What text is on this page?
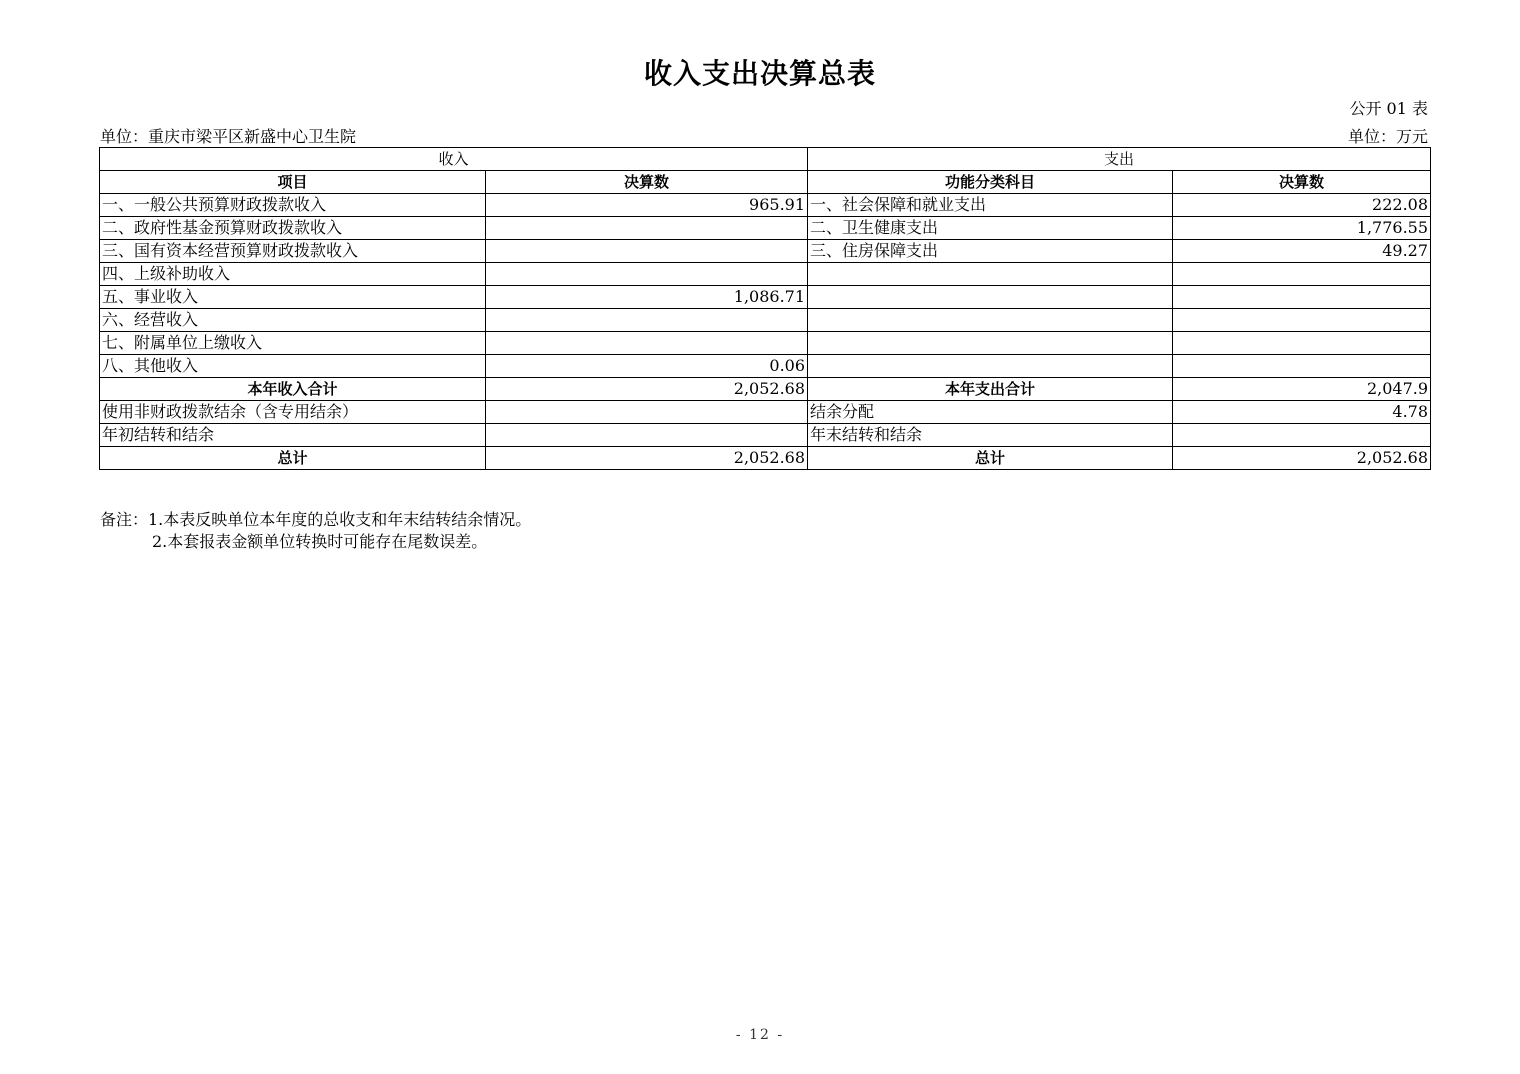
收入支出决算总表
公开 01 表
单位：重庆市梁平区新盛中心卫生院	单位：万元
收入		支出	
项目	决算数	功能分类科目	决算数
一、一般公共预算财政拨款收入	965.91	一、社会保障和就业支出	222.08
二、政府性基金预算财政拨款收入		二、卫生健康支出	1,776.55
三、国有资本经营预算财政拨款收入		三、住房保障支出	49.27
四、上级补助收入			
五、事业收入	1,086.71		
六、经营收入			
七、附属单位上缴收入			
八、其他收入	0.06		
本年收入合计	2,052.68	本年支出合计	2,047.9
使用非财政拨款结余（含专用结余）		结余分配	4.78
年初结转和结余		年末结转和结余	
总计	2,052.68	总计	2,052.68
备注：1.本表反映单位本年度的总收支和年末结转结余情况。
2.本套报表金额单位转换时可能存在尾数误差。
- 12 -
